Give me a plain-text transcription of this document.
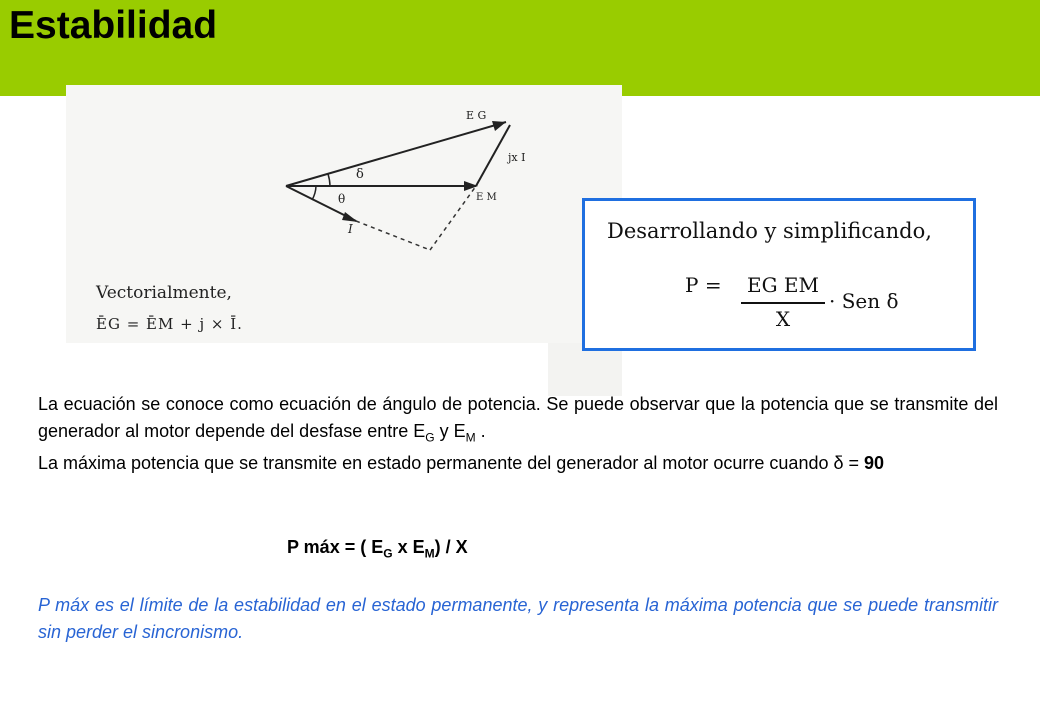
Estabilidad
E G
jx I
δ
θ	E M
I
Vectorialmente,
ĒG = ĒM + j × Ī.
Desarrollando y simplificando,
P = EG EM
X
· Sen δ
La ecuación se conoce como ecuación de ángulo de potencia. Se puede observar que la potencia que se transmite del generador al motor depende del desfase entre $E_G$ y $E_M$ .
La máxima potencia que se transmite en estado permanente del generador al motor ocurre cuando δ = 90
P máx = ( $E_G$ x $E_M$) / X
P máx es el límite de la estabilidad en el estado permanente, y representa la máxima potencia que se puede transmitir sin perder el sincronismo.
